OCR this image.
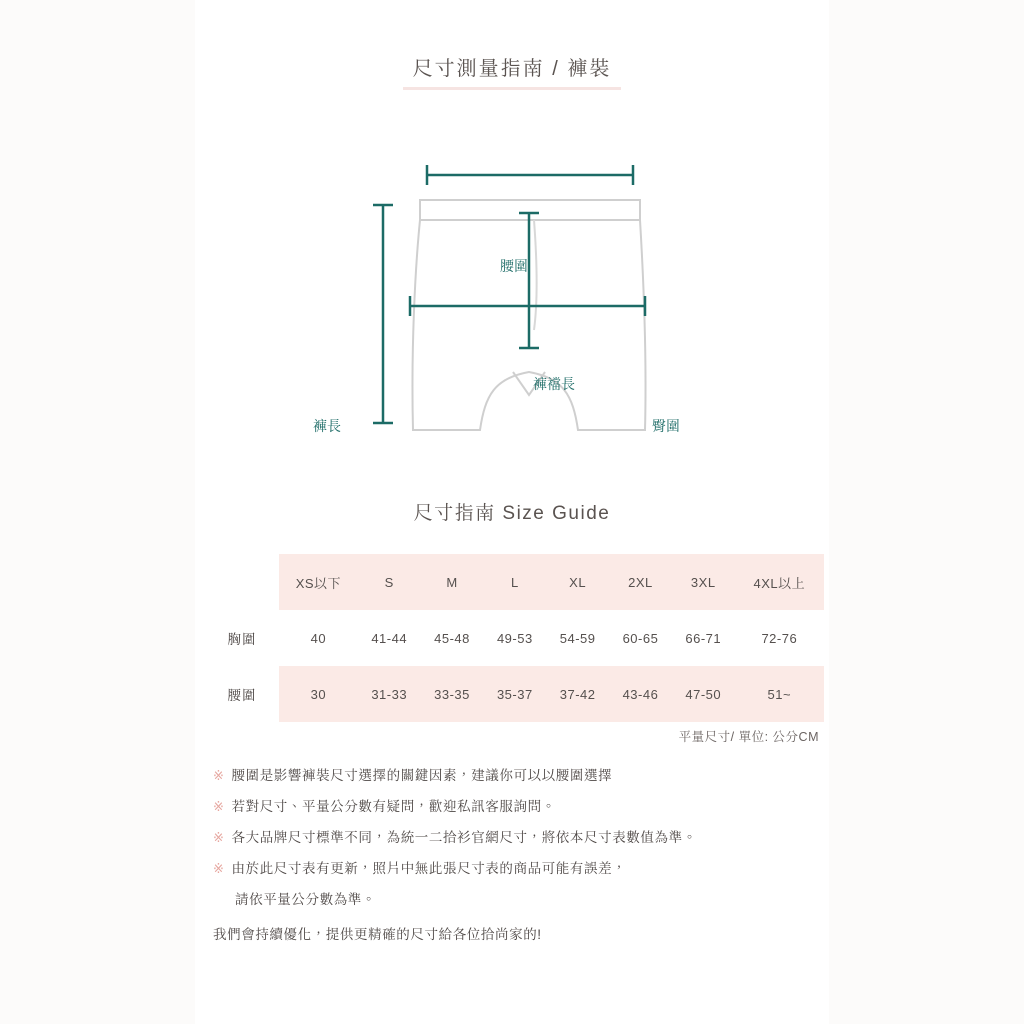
尺寸測量指南 / 褲裝
腰圍
褲長
褲襠長
臀圍
尺寸指南 Size Guide
	XS以下	S	M	L	XL	2XL	3XL	4XL以上
胸圍	40	41-44	45-48	49-53	54-59	60-65	66-71	72-76
腰圍	30	31-33	33-35	35-37	37-42	43-46	47-50	51~
平量尺寸/ 單位: 公分CM
※ 腰圍是影響褲裝尺寸選擇的關鍵因素，建議你可以以腰圍選擇
※ 若對尺寸、平量公分數有疑問，歡迎私訊客服詢問。
※ 各大品牌尺寸標準不同，為統一二拾衫官網尺寸，將依本尺寸表數值為準。
※ 由於此尺寸表有更新，照片中無此張尺寸表的商品可能有誤差，
請依平量公分數為準。
我們會持續優化，提供更精確的尺寸給各位拾尚家的!
